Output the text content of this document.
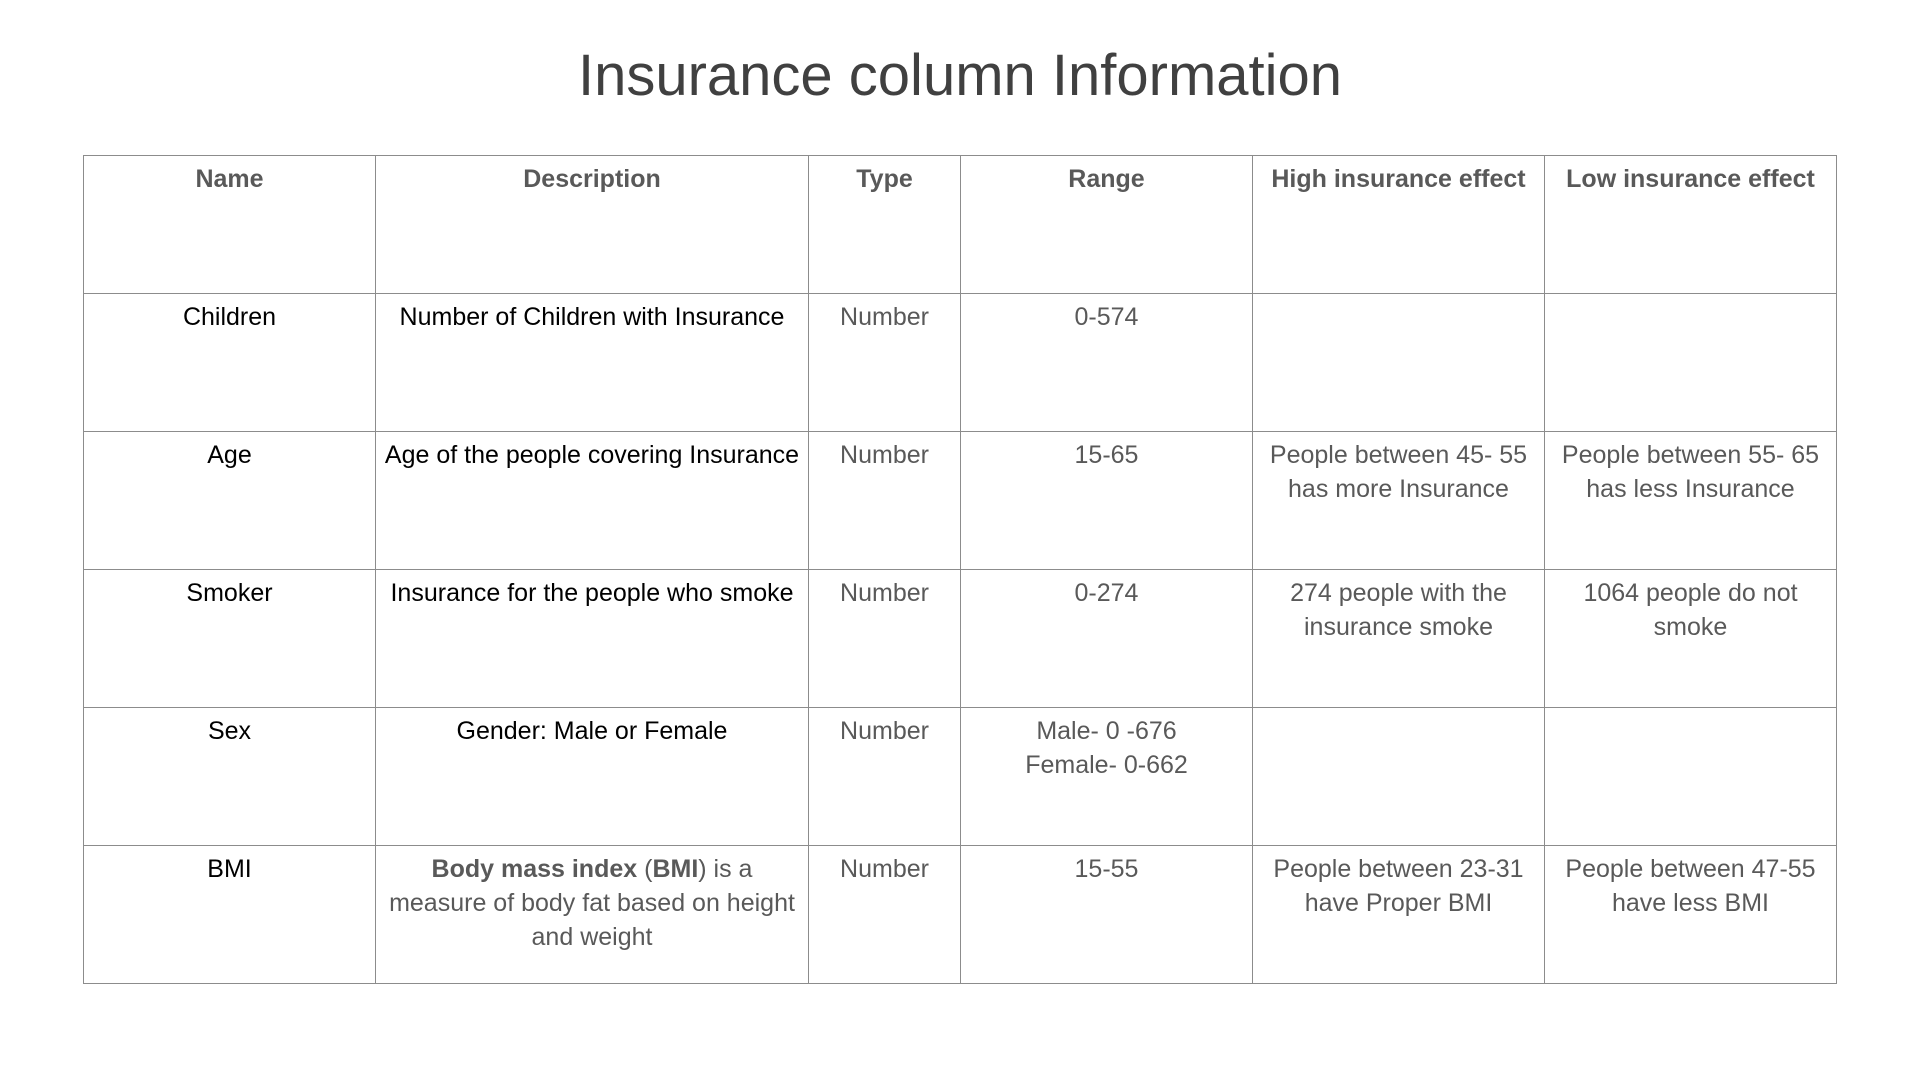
Insurance column Information
Name	Description	Type	Range	High insurance effect	Low insurance effect
Children	Number of Children with Insurance	Number	0-574		
Age	Age of the people covering Insurance	Number	15-65	People between 45- 55 has more Insurance	People between 55- 65 has less Insurance
Smoker	Insurance for the people who smoke	Number	0-274	274 people with the insurance smoke	1064 people do not smoke
Sex	Gender: Male or Female	Number	Male- 0 -676
Female- 0-662		

BMI	Body mass index (BMI) is a measure of body fat based on height and weight	Number	15-55	People between 23-31 have Proper BMI	People between 47-55 have less BMI
